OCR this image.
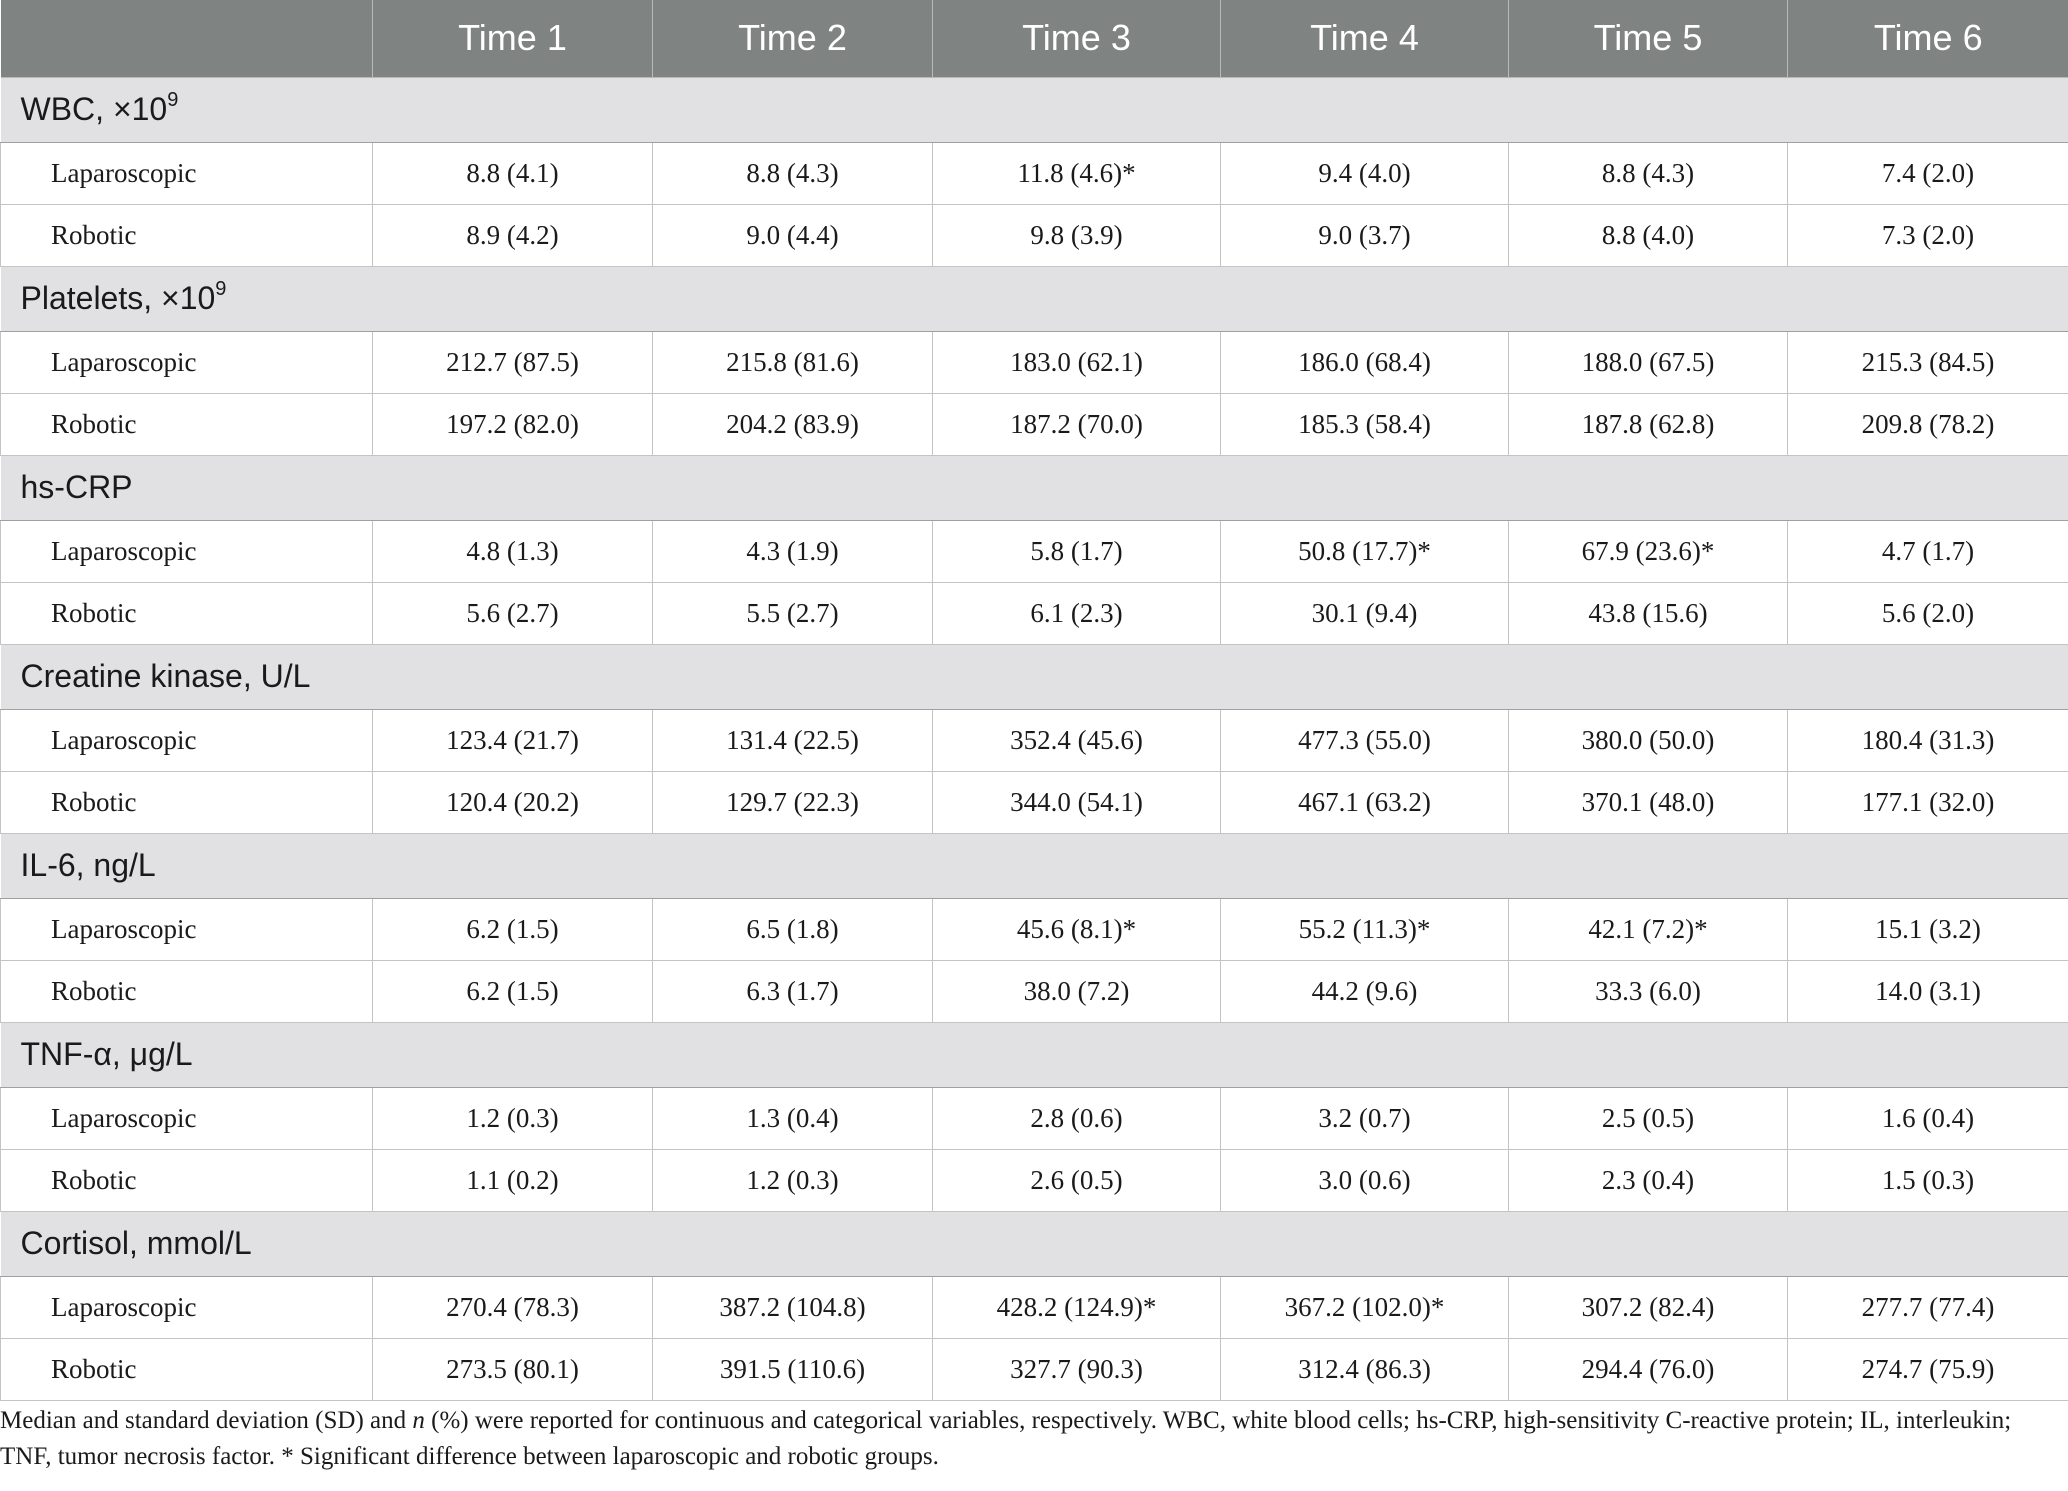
	Time 1	Time 2	Time 3	Time 4	Time 5	Time 6
WBC, $\times 10^9$
Laparoscopic	8.8 (4.1)	8.8 (4.3)	11.8 (4.6)*	9.4 (4.0)	8.8 (4.3)	7.4 (2.0)
Robotic	8.9 (4.2)	9.0 (4.4)	9.8 (3.9)	9.0 (3.7)	8.8 (4.0)	7.3 (2.0)
Platelets, $\times 10^9$
Laparoscopic	212.7 (87.5)	215.8 (81.6)	183.0 (62.1)	186.0 (68.4)	188.0 (67.5)	215.3 (84.5)
Robotic	197.2 (82.0)	204.2 (83.9)	187.2 (70.0)	185.3 (58.4)	187.8 (62.8)	209.8 (78.2)
hs-CRP						
Laparoscopic	4.8 (1.3)	4.3 (1.9)	5.8 (1.7)	50.8 (17.7)*	67.9 (23.6)*	4.7 (1.7)
Robotic	5.6 (2.7)	5.5 (2.7)	6.1 (2.3)	30.1 (9.4)	43.8 (15.6)	5.6 (2.0)
Creatine kinase, U/L						
Laparoscopic	123.4 (21.7)	131.4 (22.5)	352.4 (45.6)	477.3 (55.0)	380.0 (50.0)	180.4 (31.3)
Robotic	120.4 (20.2)	129.7 (22.3)	344.0 (54.1)	467.1 (63.2)	370.1 (48.0)	177.1 (32.0)
IL-6, ng/L						
Laparoscopic	6.2 (1.5)	6.5 (1.8)	45.6 (8.1)*	55.2 (11.3)*	42.1 (7.2)*	15.1 (3.2)
Robotic	6.2 (1.5)	6.3 (1.7)	38.0 (7.2)	44.2 (9.6)	33.3 (6.0)	14.0 (3.1)
TNF-α, μg/L						
Laparoscopic	1.2 (0.3)	1.3 (0.4)	2.8 (0.6)	3.2 (0.7)	2.5 (0.5)	1.6 (0.4)
Robotic	1.1 (0.2)	1.2 (0.3)	2.6 (0.5)	3.0 (0.6)	2.3 (0.4)	1.5 (0.3)
Cortisol, mmol/L						
Laparoscopic	270.4 (78.3)	387.2 (104.8)	428.2 (124.9)*	367.2 (102.0)*	307.2 (82.4)	277.7 (77.4)
Robotic	273.5 (80.1)	391.5 (110.6)	327.7 (90.3)	312.4 (86.3)	294.4 (76.0)	274.7 (75.9)
Median and standard deviation (SD) and n (%) were reported for continuous and categorical variables, respectively. WBC, white blood cells; hs-CRP, high-sensitivity C-reactive protein; IL, interleukin; TNF, tumor necrosis factor. * Significant difference between laparoscopic and robotic groups.
